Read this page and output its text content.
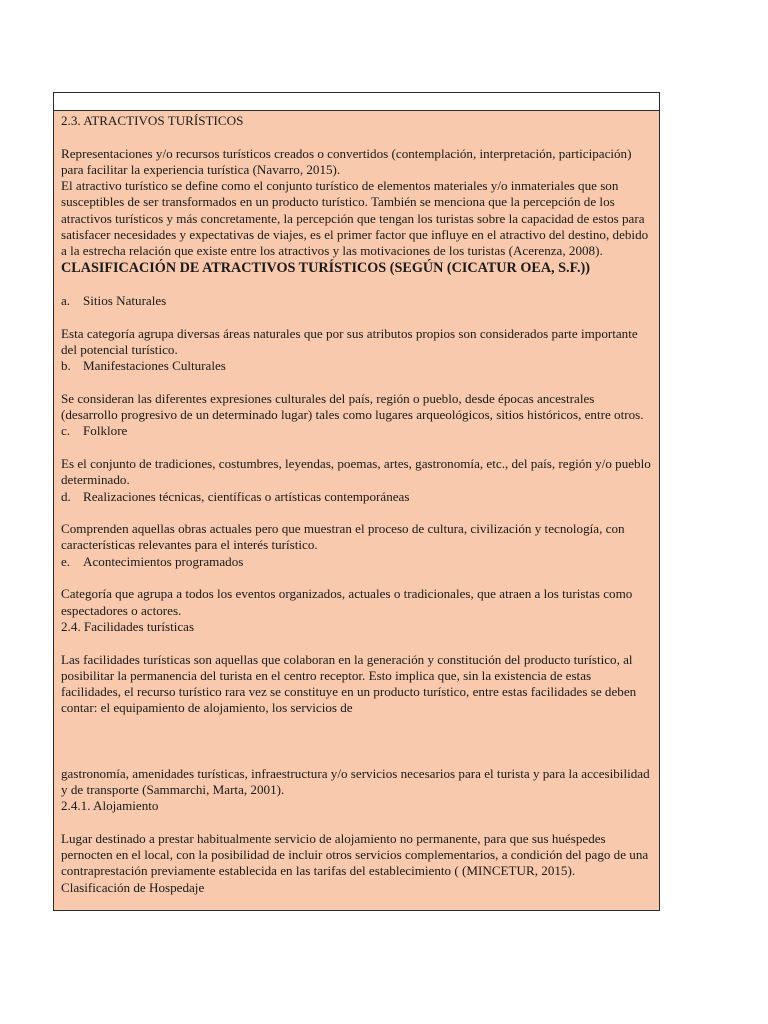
2.3. ATRACTIVOS TURÍSTICOS

Representaciones y/o recursos turísticos creados o convertidos (contemplación, interpretación, participación) para facilitar la experiencia turística (Navarro, 2015).

El atractivo turístico se define como el conjunto turístico de elementos materiales y/o inmateriales que son susceptibles de ser transformados en un producto turístico. También se menciona que la percepción de los atractivos turísticos y más concretamente, la percepción que tengan los turistas sobre la capacidad de estos para satisfacer necesidades y expectativas de viajes, es el primer factor que influye en el atractivo del destino, debido a la estrecha relación que existe entre los atractivos y las motivaciones de los turistas (Acerenza, 2008).

CLASIFICACIÓN DE ATRACTIVOS TURÍSTICOS (SEGÚN (CICATUR OEA, S.F.))

a. Sitios Naturales

Esta categoría agrupa diversas áreas naturales que por sus atributos propios son considerados parte importante del potencial turístico.

b. Manifestaciones Culturales

Se consideran las diferentes expresiones culturales del país, región o pueblo, desde épocas ancestrales (desarrollo progresivo de un determinado lugar) tales como lugares arqueológicos, sitios históricos, entre otros.

c. Folklore

Es el conjunto de tradiciones, costumbres, leyendas, poemas, artes, gastronomía, etc., del país, región y/o pueblo determinado.

d. Realizaciones técnicas, científicas o artísticas contemporáneas

Comprenden aquellas obras actuales pero que muestran el proceso de cultura, civilización y tecnología, con características relevantes para el interés turístico.

e. Acontecimientos programados

Categoría que agrupa a todos los eventos organizados, actuales o tradicionales, que atraen a los turistas como espectadores o actores.

2.4. Facilidades turísticas

Las facilidades turísticas son aquellas que colaboran en la generación y constitución del producto turístico, al posibilitar la permanencia del turista en el centro receptor. Esto implica que, sin la existencia de estas facilidades, el recurso turístico rara vez se constituye en un producto turístico, entre estas facilidades se deben contar: el equipamiento de alojamiento, los servicios de

gastronomía, amenidades turísticas, infraestructura y/o servicios necesarios para el turista y para la accesibilidad y de transporte (Sammarchi, Marta, 2001).

2.4.1. Alojamiento

Lugar destinado a prestar habitualmente servicio de alojamiento no permanente, para que sus huéspedes pernocten en el local, con la posibilidad de incluir otros servicios complementarios, a condición del pago de una contraprestación previamente establecida en las tarifas del establecimiento ( (MINCETUR, 2015).

Clasificación de Hospedaje
